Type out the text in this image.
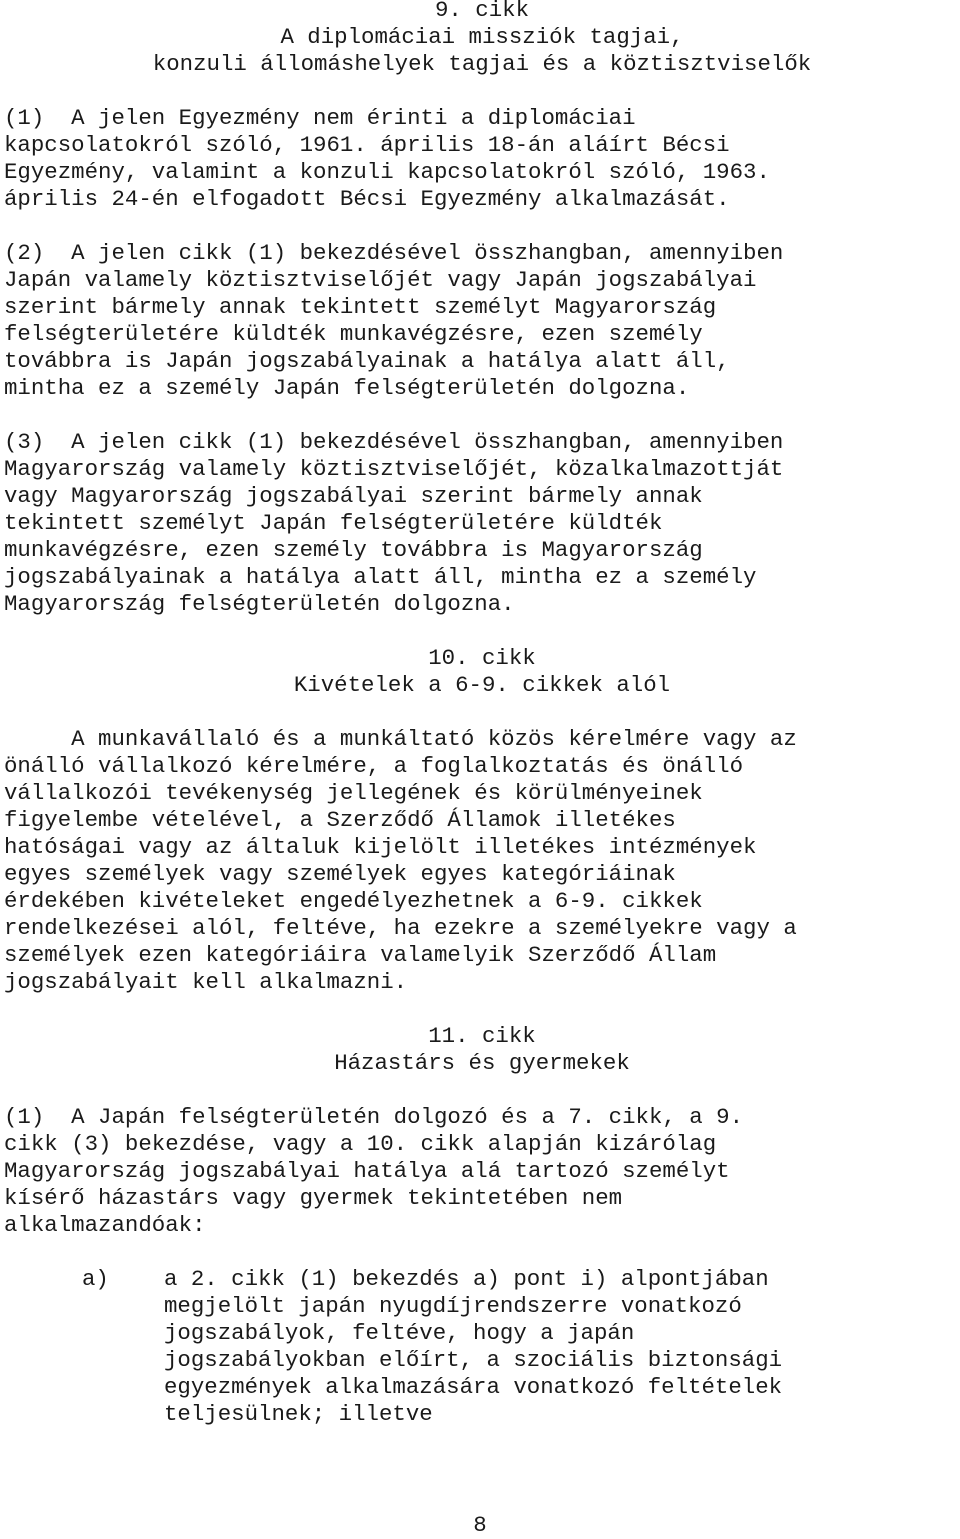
9. cikk
A diplomáciai missziók tagjai,
konzuli állomáshelyek tagjai és a köztisztviselők
(1)  A jelen Egyezmény nem érinti a diplomáciai
kapcsolatokról szóló, 1961. április 18-án aláírt Bécsi
Egyezmény, valamint a konzuli kapcsolatokról szóló, 1963.
április 24-én elfogadott Bécsi Egyezmény alkalmazását.
(2)  A jelen cikk (1) bekezdésével összhangban, amennyiben
Japán valamely köztisztviselőjét vagy Japán jogszabályai
szerint bármely annak tekintett személyt Magyarország
felségterületére küldték munkavégzésre, ezen személy
továbbra is Japán jogszabályainak a hatálya alatt áll,
mintha ez a személy Japán felségterületén dolgozna.
(3)  A jelen cikk (1) bekezdésével összhangban, amennyiben
Magyarország valamely köztisztviselőjét, közalkalmazottját
vagy Magyarország jogszabályai szerint bármely annak
tekintett személyt Japán felségterületére küldték
munkavégzésre, ezen személy továbbra is Magyarország
jogszabályainak a hatálya alatt áll, mintha ez a személy
Magyarország felségterületén dolgozna.
10. cikk
Kivételek a 6-9. cikkek alól
A munkavállaló és a munkáltató közös kérelmére vagy az
önálló vállalkozó kérelmére, a foglalkoztatás és önálló
vállalkozói tevékenység jellegének és körülményeinek
figyelembe vételével, a Szerződő Államok illetékes
hatóságai vagy az általuk kijelölt illetékes intézmények
egyes személyek vagy személyek egyes kategóriáinak
érdekében kivételeket engedélyezhetnek a 6-9. cikkek
rendelkezései alól, feltéve, ha ezekre a személyekre vagy a
személyek ezen kategóriáira valamelyik Szerződő Állam
jogszabályait kell alkalmazni.
11. cikk
Házastárs és gyermekek
(1)  A Japán felségterületén dolgozó és a 7. cikk, a 9.
cikk (3) bekezdése, vagy a 10. cikk alapján kizárólag
Magyarország jogszabályai hatálya alá tartozó személyt
kísérő házastárs vagy gyermek tekintetében nem
alkalmazandóak:
a) a 2. cikk (1) bekezdés a) pont i) alpontjában
megjelölt japán nyugdíjrendszerre vonatkozó
jogszabályok, feltéve, hogy a japán
jogszabályokban előírt, a szociális biztonsági
egyezmények alkalmazására vonatkozó feltételek
teljesülnek; illetve
8
